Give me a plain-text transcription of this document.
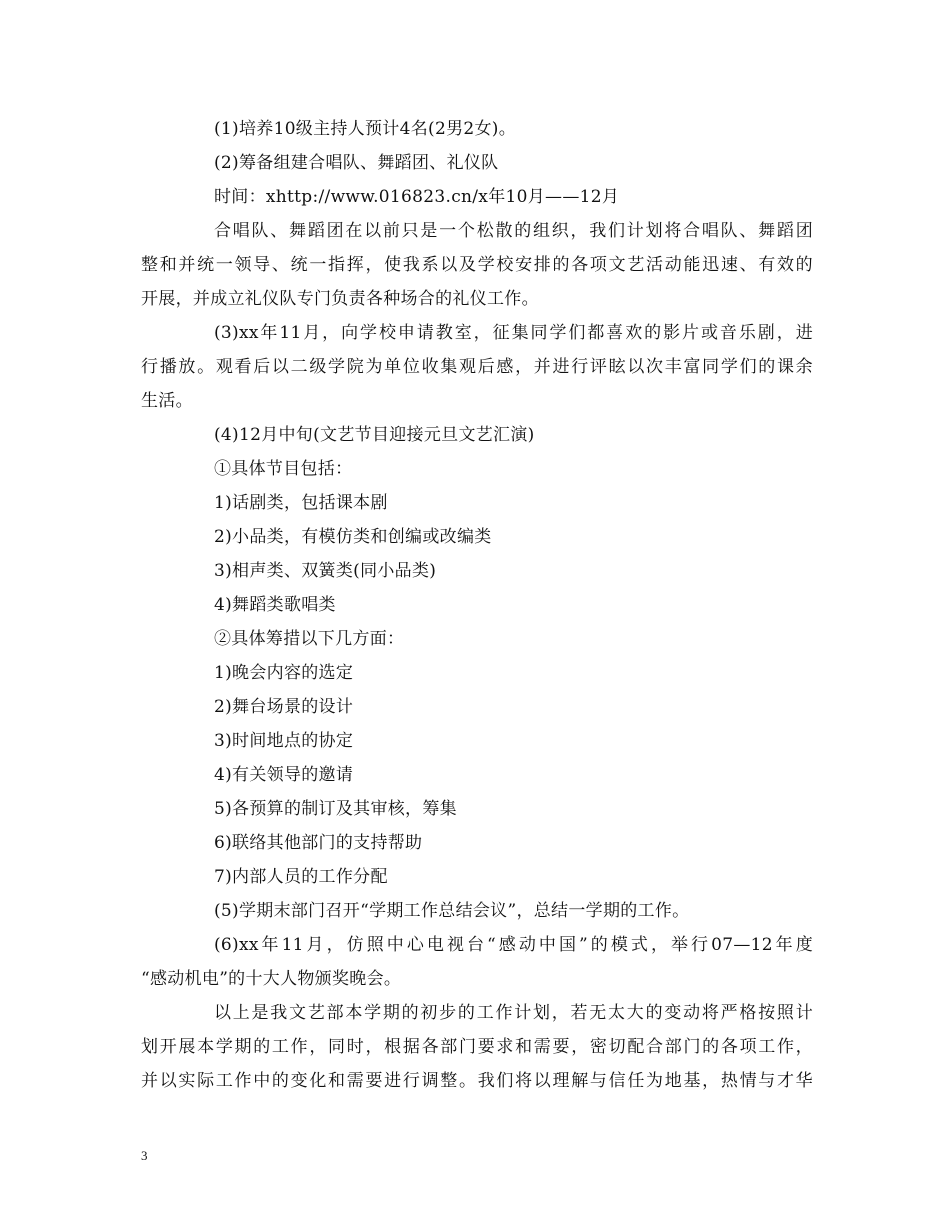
(1)培养10级主持人预计4名(2男2女)。
(2)筹备组建合唱队、舞蹈团、礼仪队
时间：xhttp://www.016823.cn/x年10月——12月
合唱队、舞蹈团在以前只是一个松散的组织，我们计划将合唱队、舞蹈团
整和并统一领导、统一指挥，使我系以及学校安排的各项文艺活动能迅速、有效的
开展，并成立礼仪队专门负责各种场合的礼仪工作。
(3)xx年11月，向学校申请教室，征集同学们都喜欢的影片或音乐剧，进
行播放。观看后以二级学院为单位收集观后感，并进行评眩以次丰富同学们的课余
生活。
(4)12月中旬(文艺节目迎接元旦文艺汇演)
①具体节目包括：
1)话剧类，包括课本剧
2)小品类，有模仿类和创编或改编类
3)相声类、双簧类(同小品类)
4)舞蹈类歌唱类
②具体筹措以下几方面：
1)晚会内容的选定
2)舞台场景的设计
3)时间地点的协定
4)有关领导的邀请
5)各预算的制订及其审核，筹集
6)联络其他部门的支持帮助
7)内部人员的工作分配
(5)学期末部门召开“学期工作总结会议”，总结一学期的工作。
(6)xx年11月，仿照中心电视台“感动中国”的模式，举行07—12年度
“感动机电”的十大人物颁奖晚会。
以上是我文艺部本学期的初步的工作计划，若无太大的变动将严格按照计
划开展本学期的工作，同时，根据各部门要求和需要，密切配合部门的各项工作，
并以实际工作中的变化和需要进行调整。我们将以理解与信任为地基，热情与才华
3
